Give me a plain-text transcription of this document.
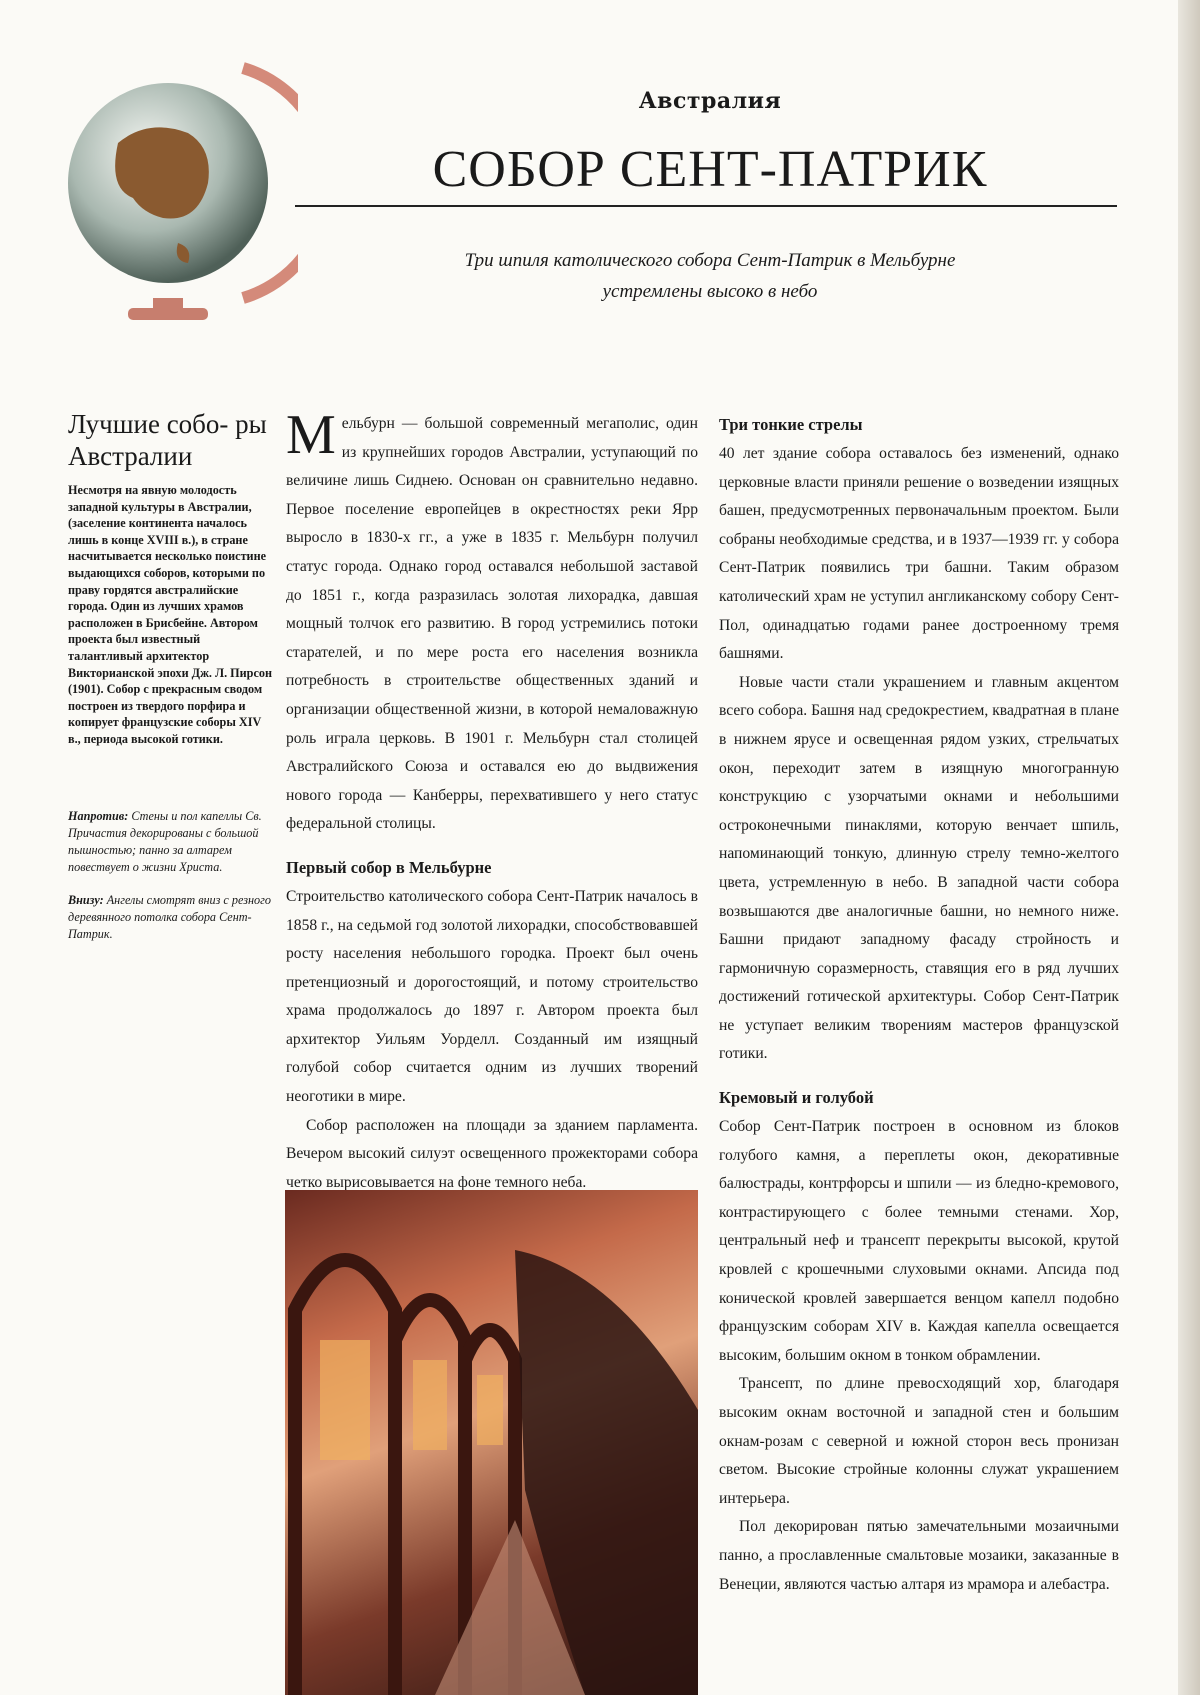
Австралия
СОБОР СЕНТ-ПАТРИК
Три шпиля католического собора Сент-Патрик в Мельбурне
устремлены высоко в небо
Лучшие собо- ры Австралии

Несмотря на явную молодость западной культуры в Австралии, (заселение континента началось лишь в конце XVIII в.), в стране насчитывается несколько поистине выдающихся соборов, которыми по праву гордятся австралийские города. Один из лучших храмов расположен в Брисбейне. Автором проекта был известный талантливый архитектор Викторианской эпохи Дж. Л. Пирсон (1901). Собор с прекрасным сводом построен из твердого порфира и копирует французские соборы XIV в., периода высокой готики.

Напротив: Стены и пол капеллы Св. Причастия декорированы с большой пышностью; панно за алтарем повествует о жизни Христа.

Внизу: Ангелы смотрят вниз с резного деревянного потолка собора Сент-Патрик.

М ельбурн — большой современный мегаполис, один из крупнейших городов Австралии, уступающий по величине лишь Сиднею. Основан он сравнительно недавно. Первое поселение европейцев в окрестностях реки Ярр выросло в 1830-х гг., а уже в 1835 г. Мельбурн получил статус города. Однако город оставался небольшой заставой до 1851 г., когда разразилась золотая лихорадка, давшая мощный толчок его развитию. В город устремились потоки старателей, и по мере роста его населения возникла потребность в строительстве общественных зданий и организации общественной жизни, в которой немаловажную роль играла церковь. В 1901 г. Мельбурн стал столицей Австралийского Союза и оставался ею до выдвижения нового города — Канберры, перехватившего у него статус федеральной столицы.

Первый собор в Мельбурне

Строительство католического собора Сент-Патрик началось в 1858 г., на седьмой год золотой лихорадки, способствовавшей росту населения небольшого городка. Проект был очень претенциозный и дорогостоящий, и потому строительство храма продолжалось до 1897 г. Автором проекта был архитектор Уильям Уорделл. Созданный им изящный голубой собор считается одним из лучших творений неоготики в мире.

Собор расположен на площади за зданием парламента. Вечером высокий силуэт освещенного прожекторами собора четко вырисовывается на фоне темного неба.

Три тонкие стрелы

40 лет здание собора оставалось без изменений, однако церковные власти приняли решение о возведении изящных башен, предусмотренных первоначальным проектом. Были собраны необходимые средства, и в 1937—1939 гг. у собора Сент-Патрик появились три башни. Таким образом католический храм не уступил англиканскому собору Сент-Пол, одинадцатью годами ранее достроенному тремя башнями.

Новые части стали украшением и главным акцентом всего собора. Башня над средокрестием, квадратная в плане в нижнем ярусе и освещенная рядом узких, стрельчатых окон, переходит затем в изящную многогранную конструкцию с узорчатыми окнами и небольшими остроконечными пинаклями, которую венчает шпиль, напоминающий тонкую, длинную стрелу темно-желтого цвета, устремленную в небо. В западной части собора возвышаются две аналогичные башни, но немного ниже. Башни придают западному фасаду стройность и гармоничную соразмерность, ставящия его в ряд лучших достижений готической архитектуры. Собор Сент-Патрик не уступает великим творениям мастеров французской готики.

Кремовый и голубой

Собор Сент-Патрик построен в основном из блоков голубого камня, а переплеты окон, декоративные балюстрады, контрфорсы и шпили — из бледно-кремового, контрастирующего с более темными стенами. Хор, центральный неф и трансепт перекрыты высокой, крутой кровлей с крошечными слуховыми окнами. Апсида под конической кровлей завершается венцом капелл подобно французским соборам XIV в. Каждая капелла освещается высоким, большим окном в тонком обрамлении.

Трансепт, по длине превосходящий хор, благодаря высоким окнам восточной и западной стен и большим окнам-розам с северной и южной сторон весь пронизан светом. Высокие стройные колонны служат украшением интерьера.

Пол декорирован пятью замечательными мозаичными панно, а прославленные смальтовые мозаики, заказанные в Венеции, являются частью алтаря из мрамора и алебастра.
